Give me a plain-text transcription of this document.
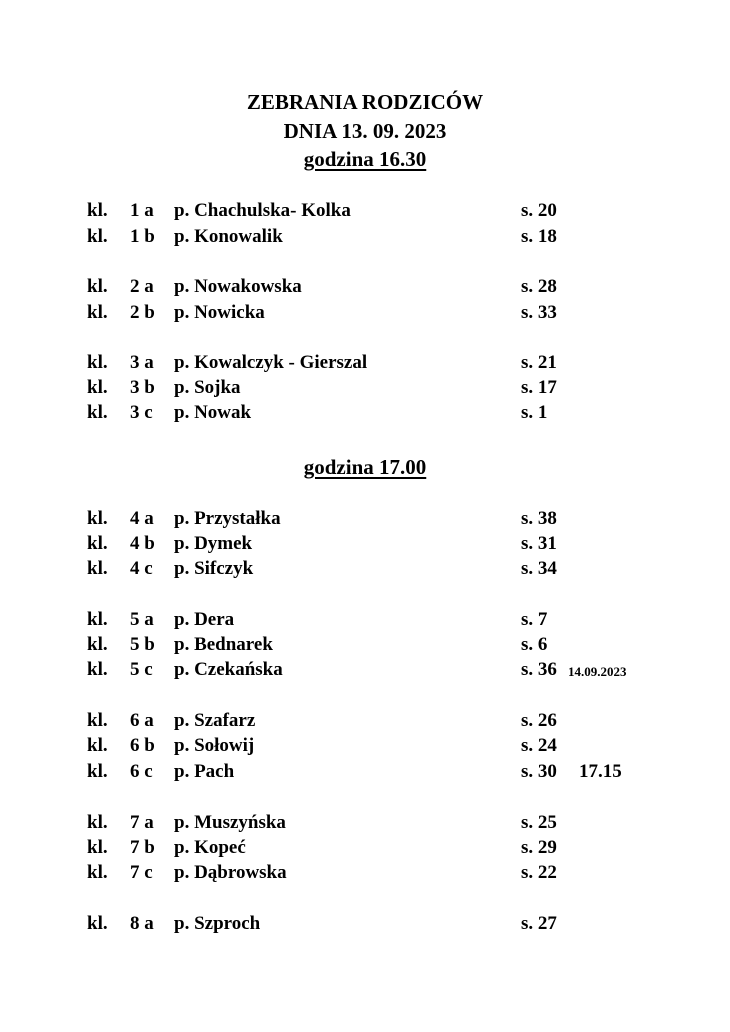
ZEBRANIA RODZICÓW
DNIA 13. 09. 2023
godzina 16.30
kl. 1 a p. Chachulska- Kolka	s. 20
kl. 1 b p. Konowalik	s. 18
kl. 2 a p. Nowakowska	s. 28
kl. 2 b p. Nowicka	s. 33
kl. 3 a p. Kowalczyk - Gierszal	s. 21
kl. 3 b p. Sojka	s. 17
kl. 3 c p. Nowak	s. 1
godzina 17.00
kl. 4 a p. Przystałka	s. 38
kl. 4 b p. Dymek	s. 31
kl. 4 c p. Sifczyk	s. 34
kl. 5 a p. Dera	s. 7
kl. 5 b p. Bednarek	s. 6
kl. 5 c p. Czekańska	s. 36 14.09.2023
kl. 6 a p. Szafarz	s. 26
kl. 6 b p. Sołowij	s. 24
kl. 6 c p. Pach	s. 30 17.15
kl. 7 a p. Muszyńska	s. 25
kl. 7 b p. Kopeć	s. 29
kl. 7 c p. Dąbrowska	s. 22
kl. 8 a p. Szproch	s. 27
